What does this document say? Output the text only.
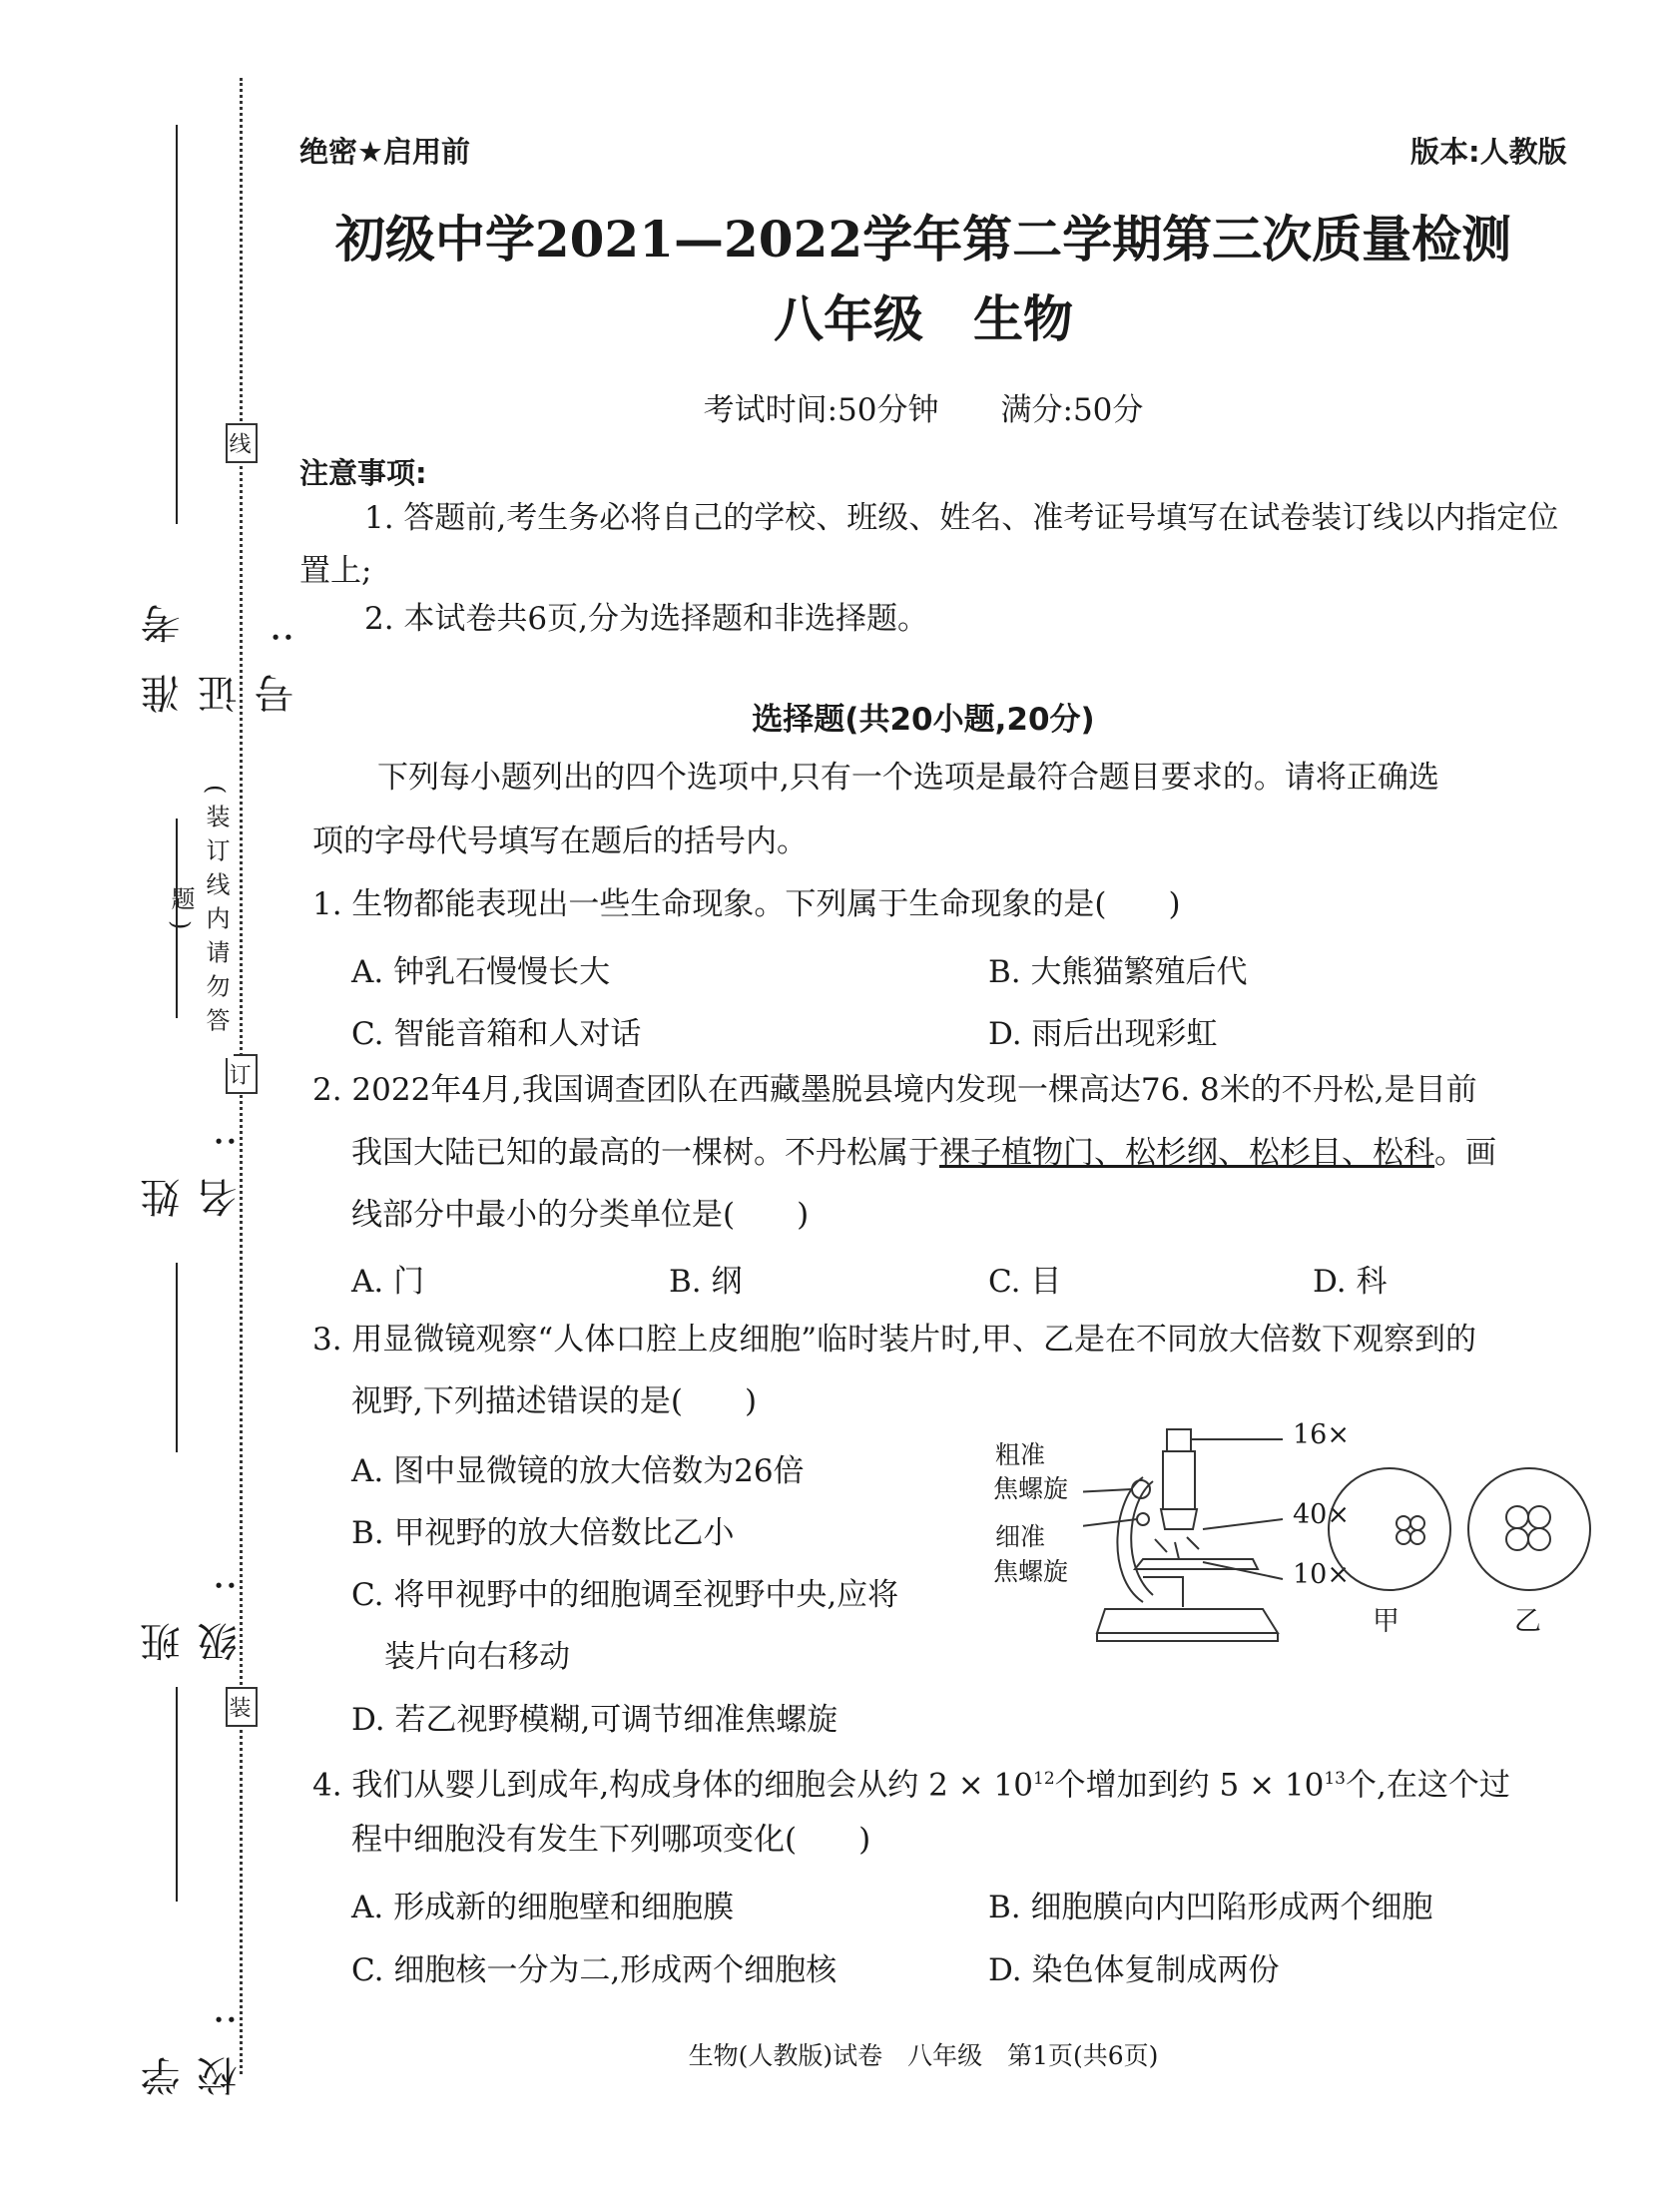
线
订
装
(装订线内请勿答题)
准考证号:
姓　名:
班　级:
学　校:
绝密★启用前	版本:人教版
初级中学2021—2022学年第二学期第三次质量检测
八年级　生物
考试时间:50分钟　　满分:50分
注意事项:
1. 答题前,考生务必将自己的学校、班级、姓名、准考证号填写在试卷装订线以内指定位
置上;
2. 本试卷共6页,分为选择题和非选择题。
选择题(共20小题,20分)
下列每小题列出的四个选项中,只有一个选项是最符合题目要求的。请将正确选
项的字母代号填写在题后的括号内。
1. 生物都能表现出一些生命现象。下列属于生命现象的是(　　)
A. 钟乳石慢慢长大	B. 大熊猫繁殖后代
C. 智能音箱和人对话	D. 雨后出现彩虹
2. 2022年4月,我国调查团队在西藏墨脱县境内发现一棵高达76. 8米的不丹松,是目前
我国大陆已知的最高的一棵树。不丹松属于裸子植物门、松杉纲、松杉目、松科。画
线部分中最小的分类单位是(　　)
A. 门	B. 纲	C. 目	D. 科
3. 用显微镜观察“人体口腔上皮细胞”临时装片时,甲、乙是在不同放大倍数下观察到的
视野,下列描述错误的是(　　)
A. 图中显微镜的放大倍数为26倍
B. 甲视野的放大倍数比乙小
C. 将甲视野中的细胞调至视野中央,应将
装片向右移动
D. 若乙视野模糊,可调节细准焦螺旋
粗准
焦螺旋
细准
焦螺旋
16×
40×
10×
甲	乙
4. 我们从婴儿到成年,构成身体的细胞会从约 $2 \times 10^{12}$个增加到约 $5 \times 10^{13}$个,在这个过
程中细胞没有发生下列哪项变化(　　)
A. 形成新的细胞壁和细胞膜	B. 细胞膜向内凹陷形成两个细胞
C. 细胞核一分为二,形成两个细胞核	D. 染色体复制成两份
生物(人教版)试卷　八年级　第1页(共6页)
